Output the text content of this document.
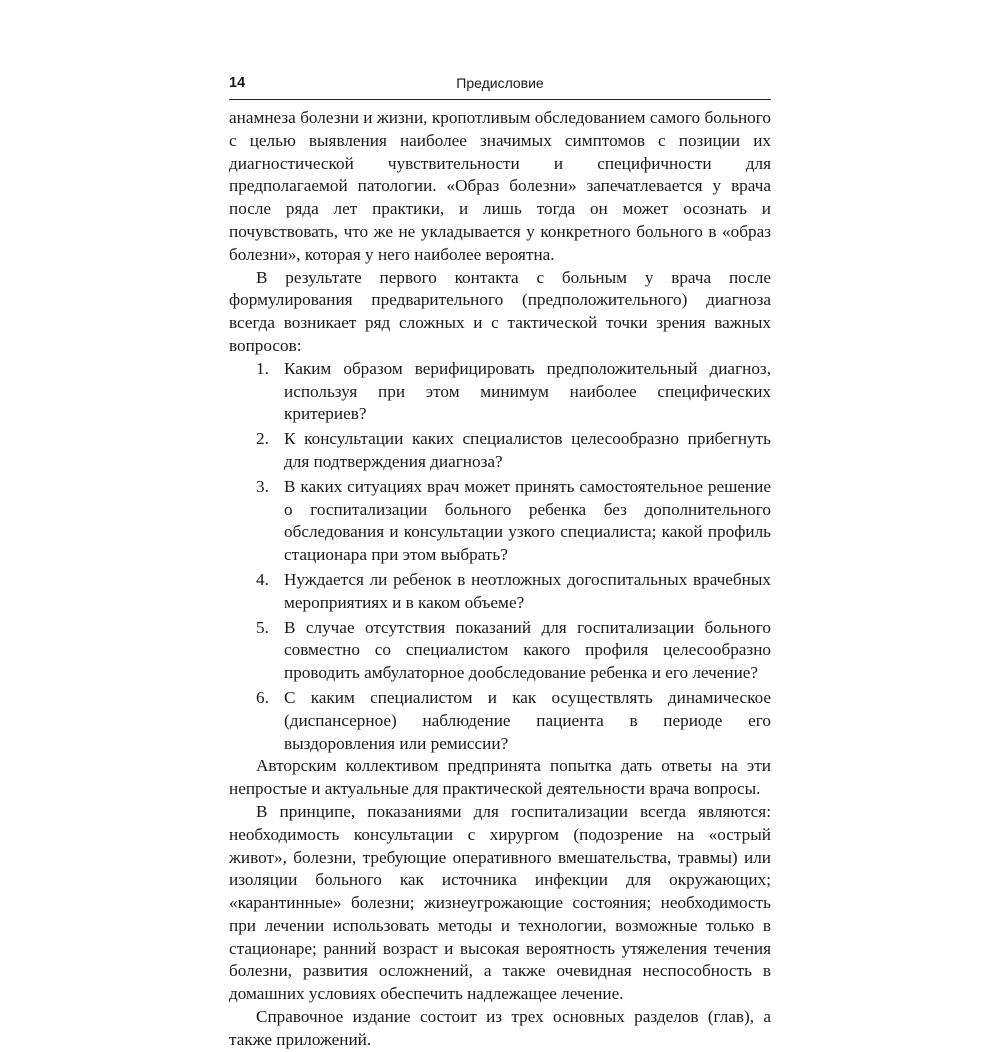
14	Предисловие

анамнеза болезни и жизни, кропотливым обследованием самого больного с целью выявления наиболее значимых симптомов с позиции их диагностической чувствительности и специфичности для предполагаемой патологии. «Образ болезни» запечатлевается у врача после ряда лет практики, и лишь тогда он может осознать и почувствовать, что же не укладывается у конкретного больного в «образ болезни», которая у него наиболее вероятна.

В результате первого контакта с больным у врача после формулирования предварительного (предположительного) диагноза всегда возникает ряд сложных и с тактической точки зрения важных вопросов:

1. Каким образом верифицировать предположительный диагноз, используя при этом минимум наиболее специфических критериев?
2. К консультации каких специалистов целесообразно прибегнуть для подтверждения диагноза?
3. В каких ситуациях врач может принять самостоятельное решение о госпитализации больного ребенка без дополнительного обследования и консультации узкого специалиста; какой профиль стационара при этом выбрать?
4. Нуждается ли ребенок в неотложных догоспитальных врачебных мероприятиях и в каком объеме?
5. В случае отсутствия показаний для госпитализации больного совместно со специалистом какого профиля целесообразно проводить амбулаторное дообследование ребенка и его лечение?
6. С каким специалистом и как осуществлять динамическое (диспансерное) наблюдение пациента в периоде его выздоровления или ремиссии?

Авторским коллективом предпринята попытка дать ответы на эти непростые и актуальные для практической деятельности врача вопросы.

В принципе, показаниями для госпитализации всегда являются: необходимость консультации с хирургом (подозрение на «острый живот», болезни, требующие оперативного вмешательства, травмы) или изоляции больного как источника инфекции для окружающих; «карантинные» болезни; жизнеугрожающие состояния; необходимость при лечении использовать методы и технологии, возможные только в стационаре; ранний возраст и высокая вероятность утяжеления течения болезни, развития осложнений, а также очевидная неспособность в домашних условиях обеспечить надлежащее лечение.

Справочное издание состоит из трех основных разделов (глав), а также приложений.
